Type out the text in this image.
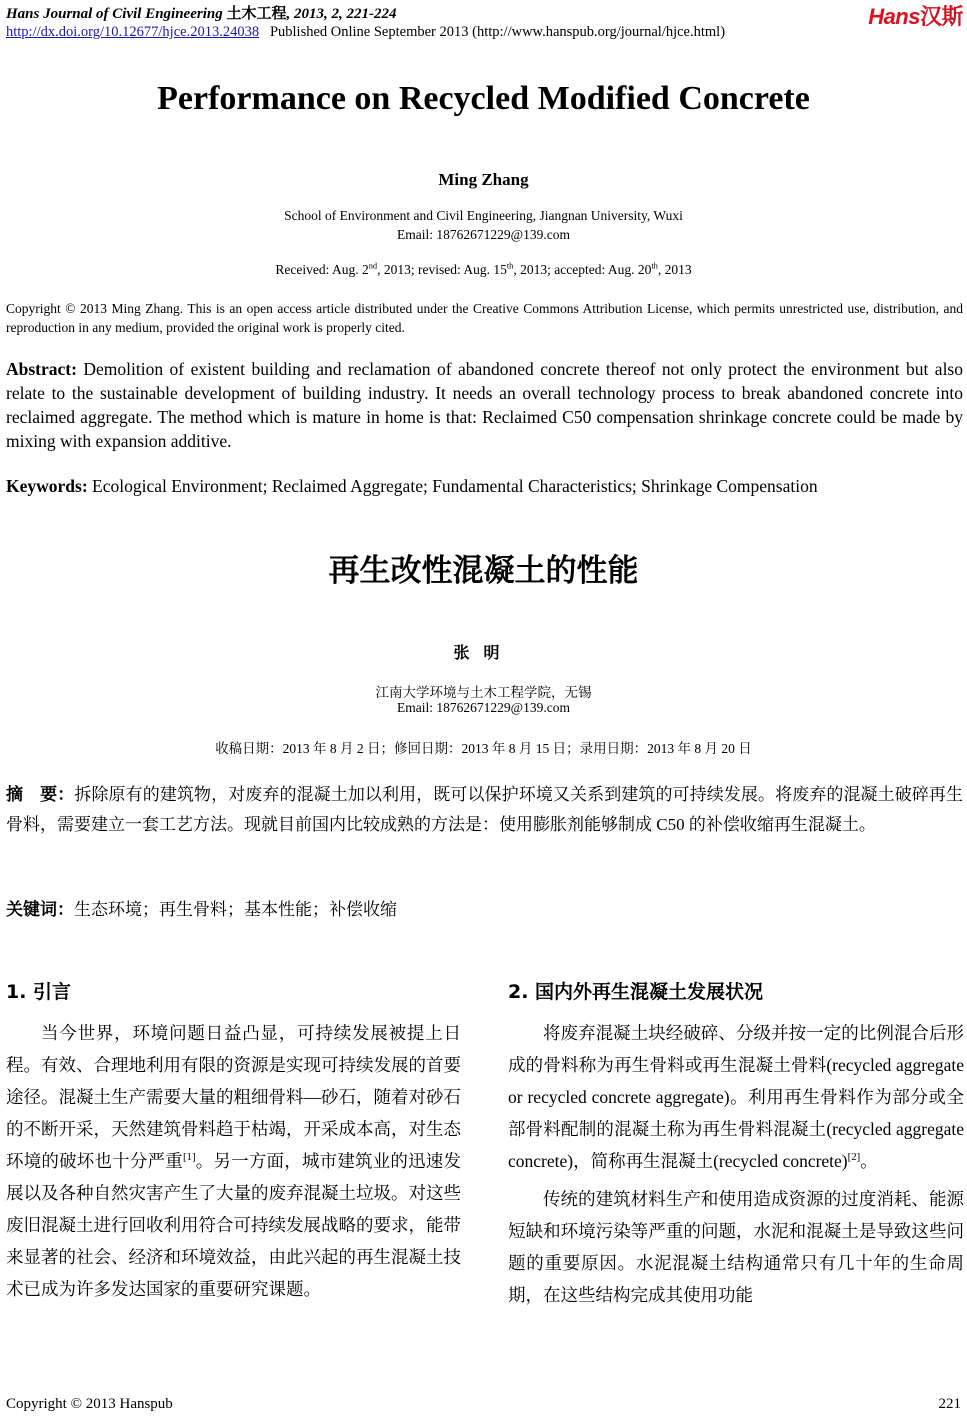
Hans Journal of Civil Engineering 土木工程, 2013, 2, 221-224
http://dx.doi.org/10.12677/hjce.2013.24038 Published Online September 2013 (http://www.hanspub.org/journal/hjce.html)
Hans汉斯
Performance on Recycled Modified Concrete
Ming Zhang
School of Environment and Civil Engineering, Jiangnan University, Wuxi
Email: 18762671229@139.com
Received: Aug. 2nd, 2013; revised: Aug. 15th, 2013; accepted: Aug. 20th, 2013
Copyright © 2013 Ming Zhang. This is an open access article distributed under the Creative Commons Attribution License, which permits unrestricted use, distribution, and reproduction in any medium, provided the original work is properly cited.
Abstract: Demolition of existent building and reclamation of abandoned concrete thereof not only protect the environment but also relate to the sustainable development of building industry. It needs an overall technology process to break abandoned concrete into reclaimed aggregate. The method which is mature in home is that: Reclaimed C50 compensation shrinkage concrete could be made by mixing with expansion additive.
Keywords: Ecological Environment; Reclaimed Aggregate; Fundamental Characteristics; Shrinkage Compensation
再生改性混凝土的性能
张明
江南大学环境与土木工程学院，无锡
Email: 18762671229@139.com
收稿日期：2013 年 8 月 2 日；修回日期：2013 年 8 月 15 日；录用日期：2013 年 8 月 20 日
摘　要：拆除原有的建筑物，对废弃的混凝土加以利用，既可以保护环境又关系到建筑的可持续发展。将废弃的混凝土破碎再生骨料，需要建立一套工艺方法。现就目前国内比较成熟的方法是：使用膨胀剂能够制成 C50 的补偿收缩再生混凝土。
关键词：生态环境；再生骨料；基本性能；补偿收缩
1. 引言	2. 国内外再生混凝土发展状况

当今世界，环境问题日益凸显，可持续发展被提上日程。有效、合理地利用有限的资源是实现可持续发展的首要途径。混凝土生产需要大量的粗细骨料—砂石，随着对砂石的不断开采，天然建筑骨料趋于枯竭，开采成本高，对生态环境的破坏也十分严重[1]。另一方面，城市建筑业的迅速发展以及各种自然灾害产生了大量的废弃混凝土垃圾。对这些废旧混凝土进行回收利用符合可持续发展战略的要求，能带来显著的社会、经济和环境效益，由此兴起的再生混凝土技术已成为许多发达国家的重要研究课题。

将废弃混凝土块经破碎、分级并按一定的比例混合后形成的骨料称为再生骨料或再生混凝土骨料(recycled aggregate or recycled concrete aggregate)。利用再生骨料作为部分或全部骨料配制的混凝土称为再生骨料混凝土(recycled aggregate concrete)，简称再生混凝土(recycled concrete)[2]。

传统的建筑材料生产和使用造成资源的过度消耗、能源短缺和环境污染等严重的问题，水泥和混凝土是导致这些问题的重要原因。水泥混凝土结构通常只有几十年的生命周期，在这些结构完成其使用功能

Copyright © 2013 Hanspub	221
